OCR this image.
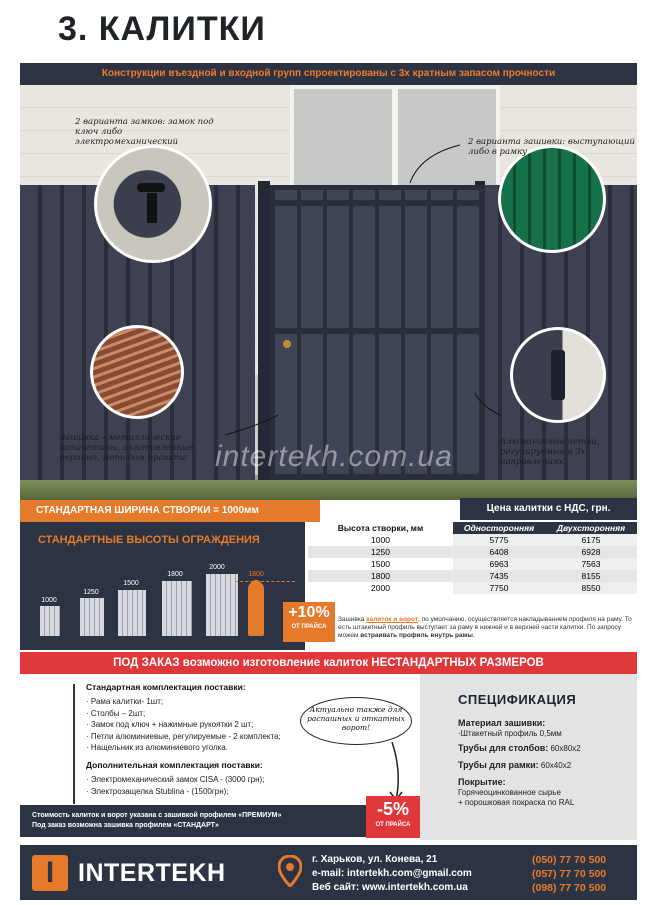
3. КАЛИТКИ
Конструкции въездной и входной групп спроектированы с 3х кратным запасом прочности
2 варианта замков: замок под ключ либо электромеханический	2 варианта зашивки: выступающий либо в рамку
Зашивка – металлические штакетины, изготовленные серийно, методом проката
Алюминиевые петли, регулируемые в 3х направлениях
intertekh.com.ua
СТАНДАРТНАЯ ШИРИНА СТВОРКИ = 1000мм	Цена калитки с НДС, грн.
СТАНДАРТНЫЕ ВЫСОТЫ ОГРАЖДЕНИЯ
1000
1250
1500
1800
2000
1800
+10%
ОТ ПРАЙСА
Высота створки, мм	Односторонняя	Двухсторонняя
1000	5775	6175
1250	6408	6928
1500	6963	7563
1800	7435	8155
2000	7750	8550
Зашивка калиток и ворот, по умолчанию, осуществляется накладыванием профиля на раму. То есть штакетный профиль выступает за раму в нижней и в верхней части калитки. По запросу можем встраивать профиль внутрь рамы.
ПОД ЗАКАЗ возможно изготовление калиток НЕСТАНДАРТНЫХ РАЗМЕРОВ
Стандартная комплектация поставки:
· Рама калитки- 1шт;
· Столбы – 2шт;
· Замок под ключ + нажимные рукоятки 2 шт;
· Петли алюминиевые, регулируемые - 2 комплекта;
· Нащельник из алюминиевого уголка.
Дополнительная комплектация поставки:
· Электромеханический замок CISA - (3000 грн);
· Электрозащелка Stublina - (1500грн);
СПЕЦИФИКАЦИЯ
Материал зашивки:
·Штакетный профиль 0,5мм
Трубы для столбов: 60х80х2
Трубы для рамки: 60х40х2
Покрытие:
Горячеоцинкованное сырье
+ порошковая покраска по RAL
Актуально также для распашных и откатных ворот!
Стоимость калиток и ворот указана с зашивкой профилем «ПРЕМИУМ»
Под заказ возможна зашивка профилем «СТАНДАРТ»
-5%
ОТ ПРАЙСА
I INTERTEKH	г. Харьков, ул. Конева, 21
e-mail: intertekh.com@gmail.com
Веб сайт: www.intertekh.com.ua
(050) 77 70 500
(057) 77 70 500
(098) 77 70 500
